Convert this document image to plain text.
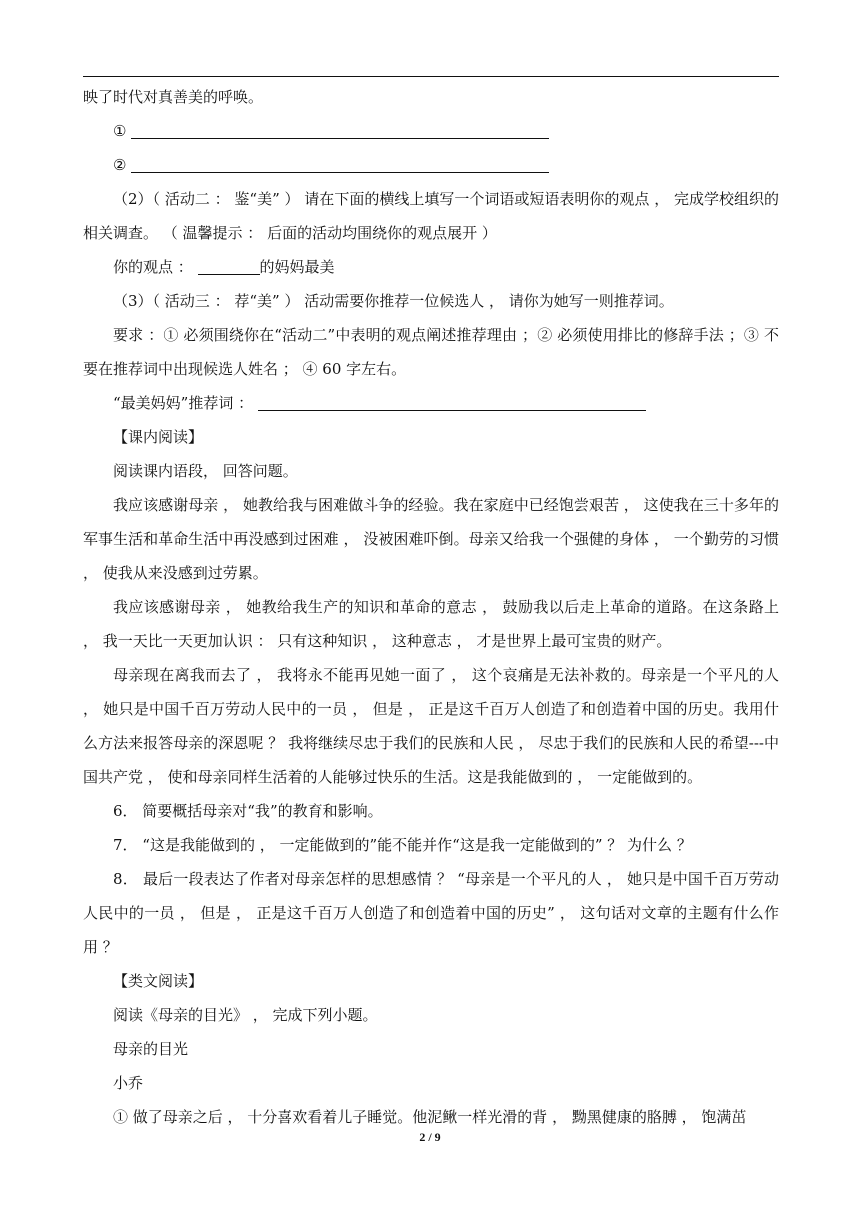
映了时代对真善美的呼唤。

①

②

（2）（ 活动二 ： 鉴“美” ） 请在下面的横线上填写一个词语或短语表明你的观点 ， 完成学校组织的相关调查。 （ 温馨提示 ： 后面的活动均围绕你的观点展开 ）

你的观点 ：	的妈妈最美

（3）（ 活动三 ： 荐“美” ） 活动需要你推荐一位候选人 ， 请你为她写一则推荐词。

要求 ：① 必须围绕你在“活动二”中表明的观点阐述推荐理由 ；② 必须使用排比的修辞手法 ；③ 不要在推荐词中出现候选人姓名 ； ④ 60 字左右。

“最美妈妈”推荐词 ：

【课内阅读】

阅读课内语段， 回答问题。

我应该感谢母亲 ， 她教给我与困难做斗争的经验。我在家庭中已经饱尝艰苦 ， 这使我在三十多年的军事生活和革命生活中再没感到过困难 ， 没被困难吓倒。母亲又给我一个强健的身体 ， 一个勤劳的习惯 ， 使我从来没感到过劳累。

我应该感谢母亲 ， 她教给我生产的知识和革命的意志 ， 鼓励我以后走上革命的道路。在这条路上 ， 我一天比一天更加认识 ： 只有这种知识 ， 这种意志 ， 才是世界上最可宝贵的财产。

母亲现在离我而去了 ， 我将永不能再见她一面了 ， 这个哀痛是无法补救的。母亲是一个平凡的人 ， 她只是中国千百万劳动人民中的一员 ， 但是 ， 正是这千百万人创造了和创造着中国的历史。我用什么方法来报答母亲的深恩呢 ？ 我将继续尽忠于我们的民族和人民 ， 尽忠于我们的民族和人民的希望---中国共产党 ， 使和母亲同样生活着的人能够过快乐的生活。这是我能做到的 ， 一定能做到的。

6． 简要概括母亲对“我”的教育和影响。

7． “这是我能做到的 ， 一定能做到的”能不能并作“这是我一定能做到的” ？ 为什么 ？

8． 最后一段表达了作者对母亲怎样的思想感情 ？ “母亲是一个平凡的人 ， 她只是中国千百万劳动人民中的一员 ， 但是 ， 正是这千百万人创造了和创造着中国的历史” ， 这句话对文章的主题有什么作用 ？

【类文阅读】

阅读《母亲的目光》 ， 完成下列小题。

母亲的目光

小乔

① 做了母亲之后 ， 十分喜欢看着儿子睡觉。他泥鳅一样光滑的背 ， 黝黑健康的胳膊 ， 饱满茁

2 / 9
